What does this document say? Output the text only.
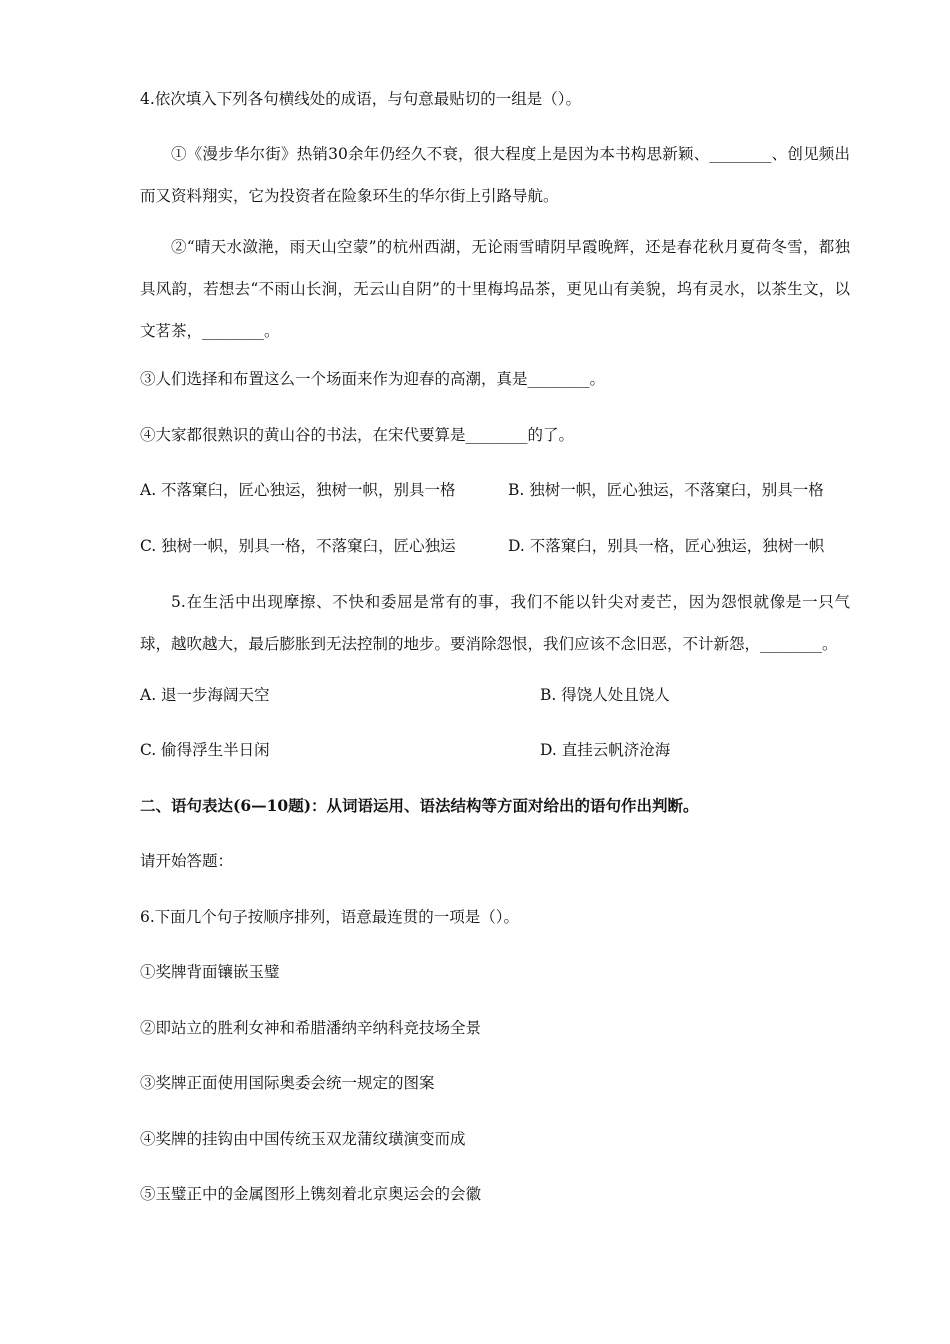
4.依次填入下列各句横线处的成语，与句意最贴切的一组是（）。

①《漫步华尔街》热销30余年仍经久不衰，很大程度上是因为本书构思新颖、________、创见频出而又资料翔实，它为投资者在险象环生的华尔街上引路导航。

②“晴天水潋滟，雨天山空蒙”的杭州西湖，无论雨雪晴阴早霞晚辉，还是春花秋月夏荷冬雪，都独具风韵，若想去“不雨山长涧，无云山自阴”的十里梅坞品茶，更见山有美貌，坞有灵水，以茶生文，以文茗茶，________。

③人们选择和布置这么一个场面来作为迎春的高潮，真是________。
④大家都很熟识的黄山谷的书法，在宋代要算是________的了。
A. 不落窠臼，匠心独运，独树一帜，别具一格	B. 独树一帜，匠心独运，不落窠臼，别具一格
C. 独树一帜，别具一格，不落窠臼，匠心独运	D. 不落窠臼，别具一格，匠心独运，独树一帜

5.在生活中出现摩擦、不快和委屈是常有的事，我们不能以针尖对麦芒，因为怨恨就像是一只气球，越吹越大，最后膨胀到无法控制的地步。要消除怨恨，我们应该不念旧恶，不计新怨，________。

A. 退一步海阔天空	B. 得饶人处且饶人
C. 偷得浮生半日闲	D. 直挂云帆济沧海
二、语句表达(6—10题)：从词语运用、语法结构等方面对给出的语句作出判断。
请开始答题：
6.下面几个句子按顺序排列，语意最连贯的一项是（）。
①奖牌背面镶嵌玉璧
②即站立的胜利女神和希腊潘纳辛纳科竞技场全景
③奖牌正面使用国际奥委会统一规定的图案
④奖牌的挂钩由中国传统玉双龙蒲纹璜演变而成
⑤玉璧正中的金属图形上镌刻着北京奥运会的会徽
